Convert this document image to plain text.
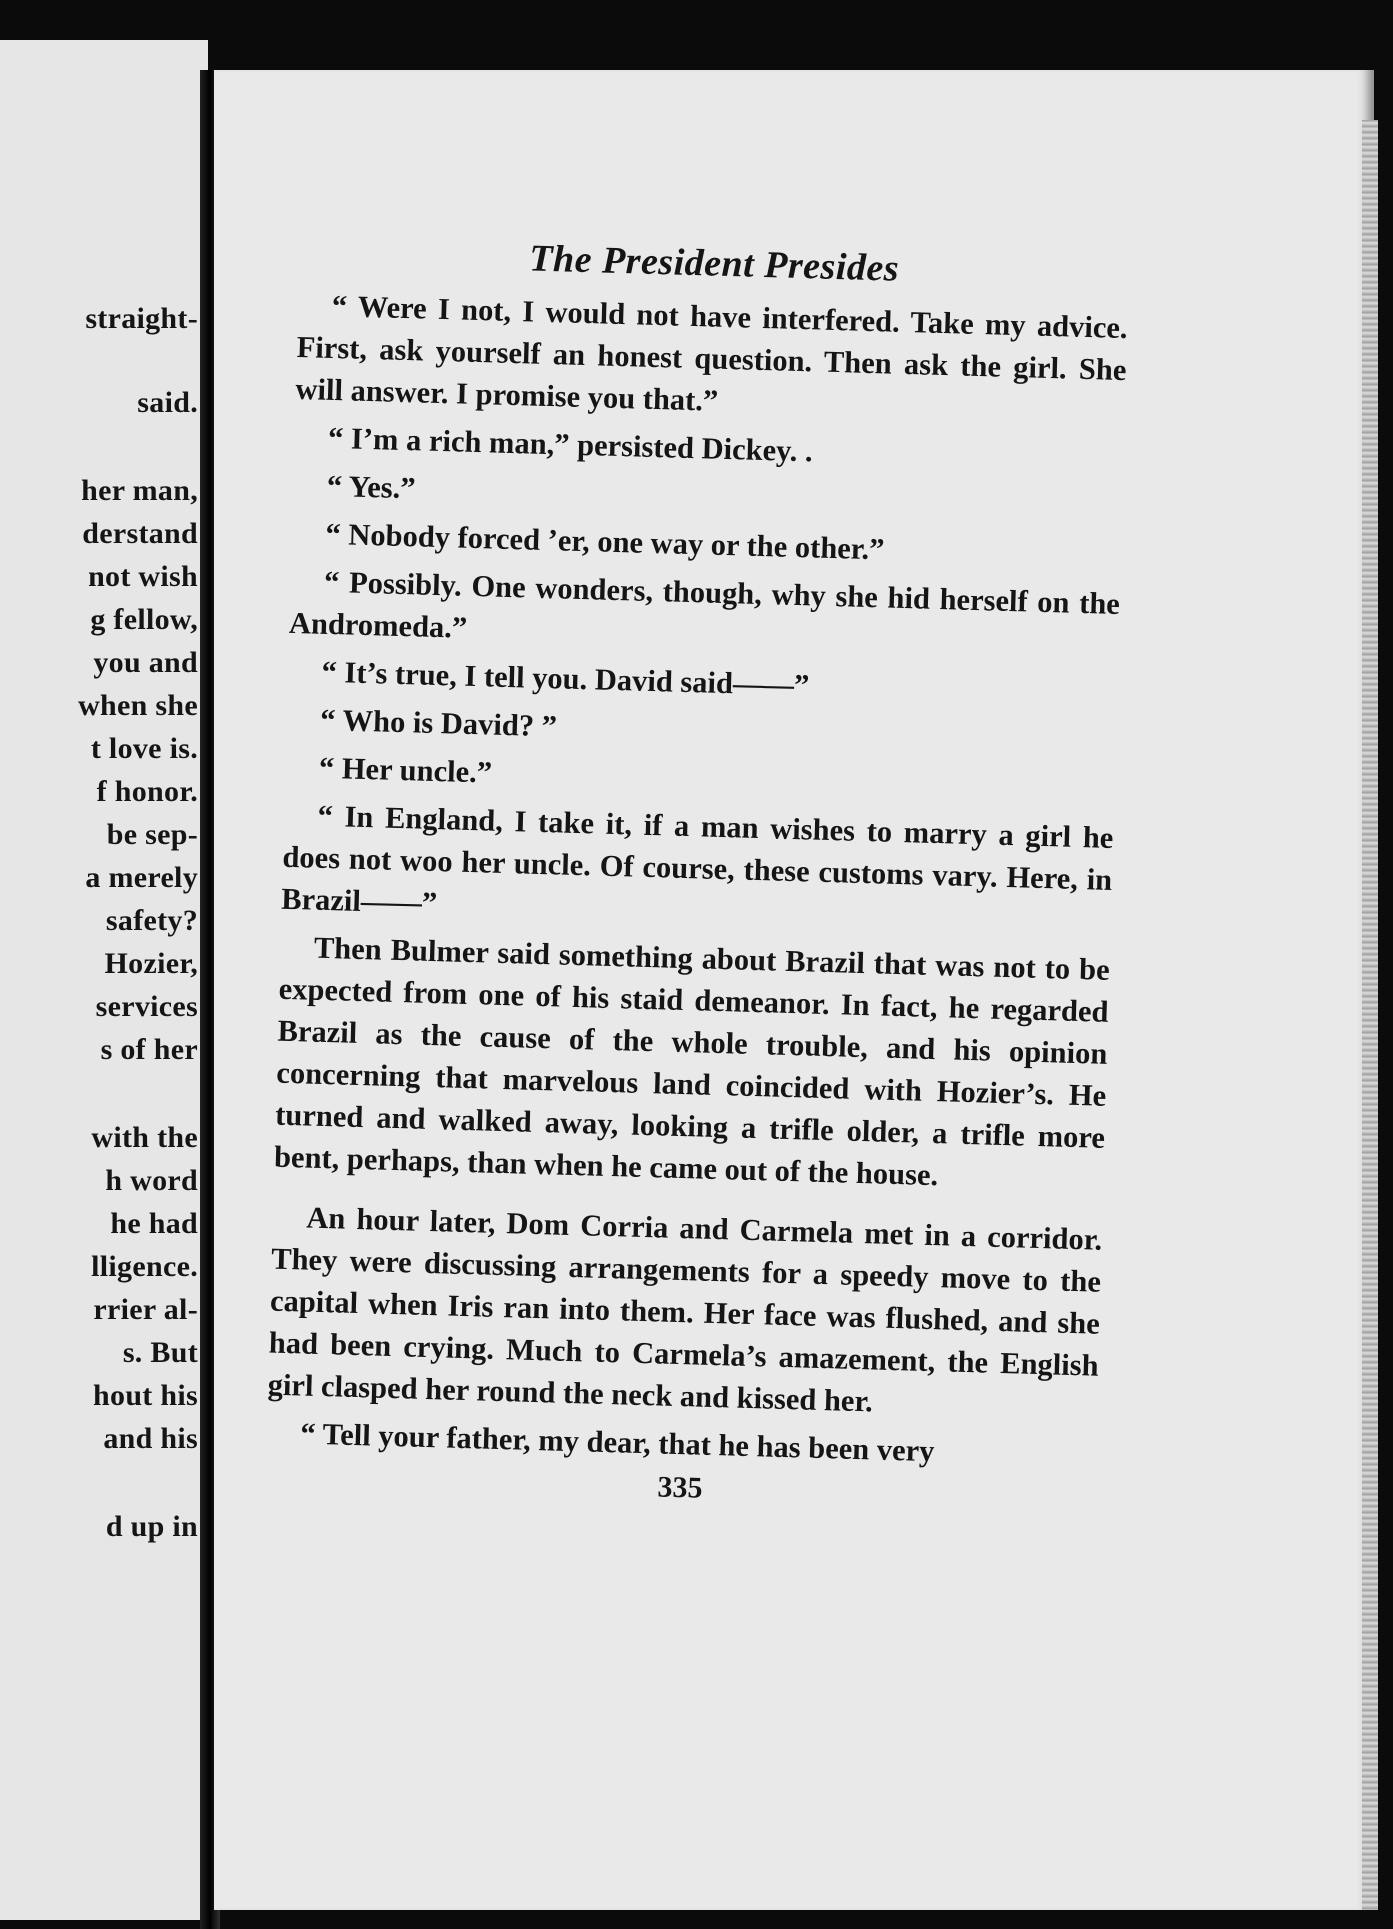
straight-
said.
her man,
derstand
not wish
g fellow,
you and
when she
t love is.
f honor.
be sep-
a merely
safety?
Hozier,
services
s of her
with the
h word
he had
lligence.
rrier al-
s. But
hout his
and his
d up in
The President Presides

“ Were I not, I would not have interfered. Take my advice. First, ask yourself an honest question. Then ask the girl. She will answer. I promise you that.”

“ I’m a rich man,” persisted Dickey. .

“ Yes.”

“ Nobody forced ’er, one way or the other.”

“ Possibly. One wonders, though, why she hid herself on the Andromeda.”

“ It’s true, I tell you. David said——”

“ Who is David? ”

“ Her uncle.”

“ In England, I take it, if a man wishes to marry a girl he does not woo her uncle. Of course, these customs vary. Here, in Brazil——”

Then Bulmer said something about Brazil that was not to be expected from one of his staid demeanor. In fact, he regarded Brazil as the cause of the whole trouble, and his opinion concerning that marvelous land coincided with Hozier’s. He turned and walked away, looking a trifle older, a trifle more bent, perhaps, than when he came out of the house.

An hour later, Dom Corria and Carmela met in a corridor. They were discussing arrangements for a speedy move to the capital when Iris ran into them. Her face was flushed, and she had been crying. Much to Carmela’s amazement, the English girl clasped her round the neck and kissed her.

“ Tell your father, my dear, that he has been very

335
